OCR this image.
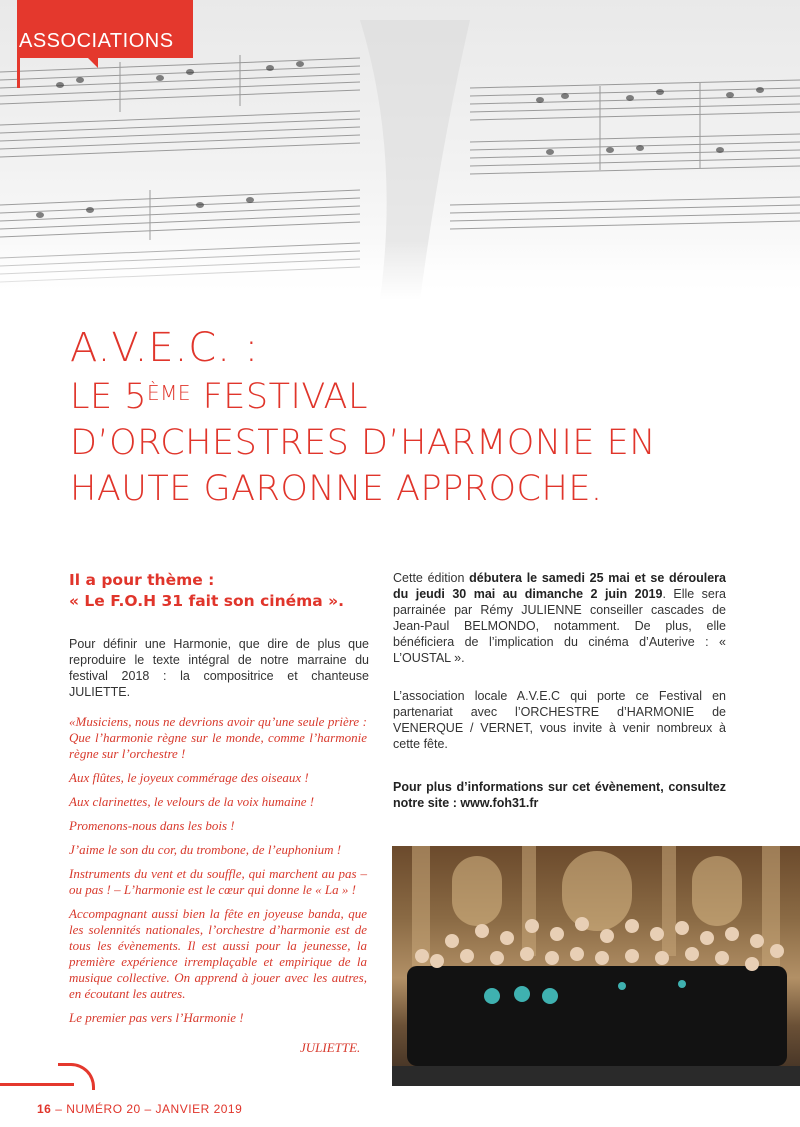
ASSOCIATIONS
A.V.E.C. :
LE 5ÈME FESTIVAL
D’ORCHESTRES D’HARMONIE EN
HAUTE GARONNE APPROCHE.
Il a pour thème :
« Le F.O.H 31 fait son cinéma ».
Pour définir une Harmonie, que dire de plus que reproduire le texte intégral de notre marraine du festival 2018 : la compositrice et chanteuse JULIETTE.

«Musiciens, nous ne devrions avoir qu’une seule prière : Que l’harmonie règne sur le monde, comme l’harmonie règne sur l’orchestre !

Aux flûtes, le joyeux commérage des oiseaux !

Aux clarinettes, le velours de la voix humaine !

Promenons-nous dans les bois !

J’aime le son du cor, du trombone, de l’euphonium !

Instruments du vent et du souffle, qui marchent au pas – ou pas ! – L’harmonie est le cœur qui donne le « La » !

Accompagnant aussi bien la fête en joyeuse banda, que les solennités nationales, l’orchestre d’harmonie est de tous les évènements. Il est aussi pour la jeunesse, la première expérience irremplaçable et empirique de la musique collective. On apprend à jouer avec les autres, en écoutant les autres.

Le premier pas vers l’Harmonie !

JULIETTE.
Cette édition débutera le samedi 25 mai et se déroulera du jeudi 30 mai au dimanche 2 juin 2019. Elle sera parrainée par Rémy JULIENNE conseiller cascades de Jean-Paul BELMONDO, notamment. De plus, elle bénéficiera de l’implication du cinéma d’Auterive : « L’OUSTAL ».
L’association locale A.V.E.C qui porte ce Festival en partenariat avec l’ORCHESTRE d’HARMONIE de VENERQUE / VERNET, vous invite à venir nombreux à cette fête.
Pour plus d’informations sur cet évènement, consultez notre site : www.foh31.fr
16 – NUMÉRO 20 – JANVIER 2019
